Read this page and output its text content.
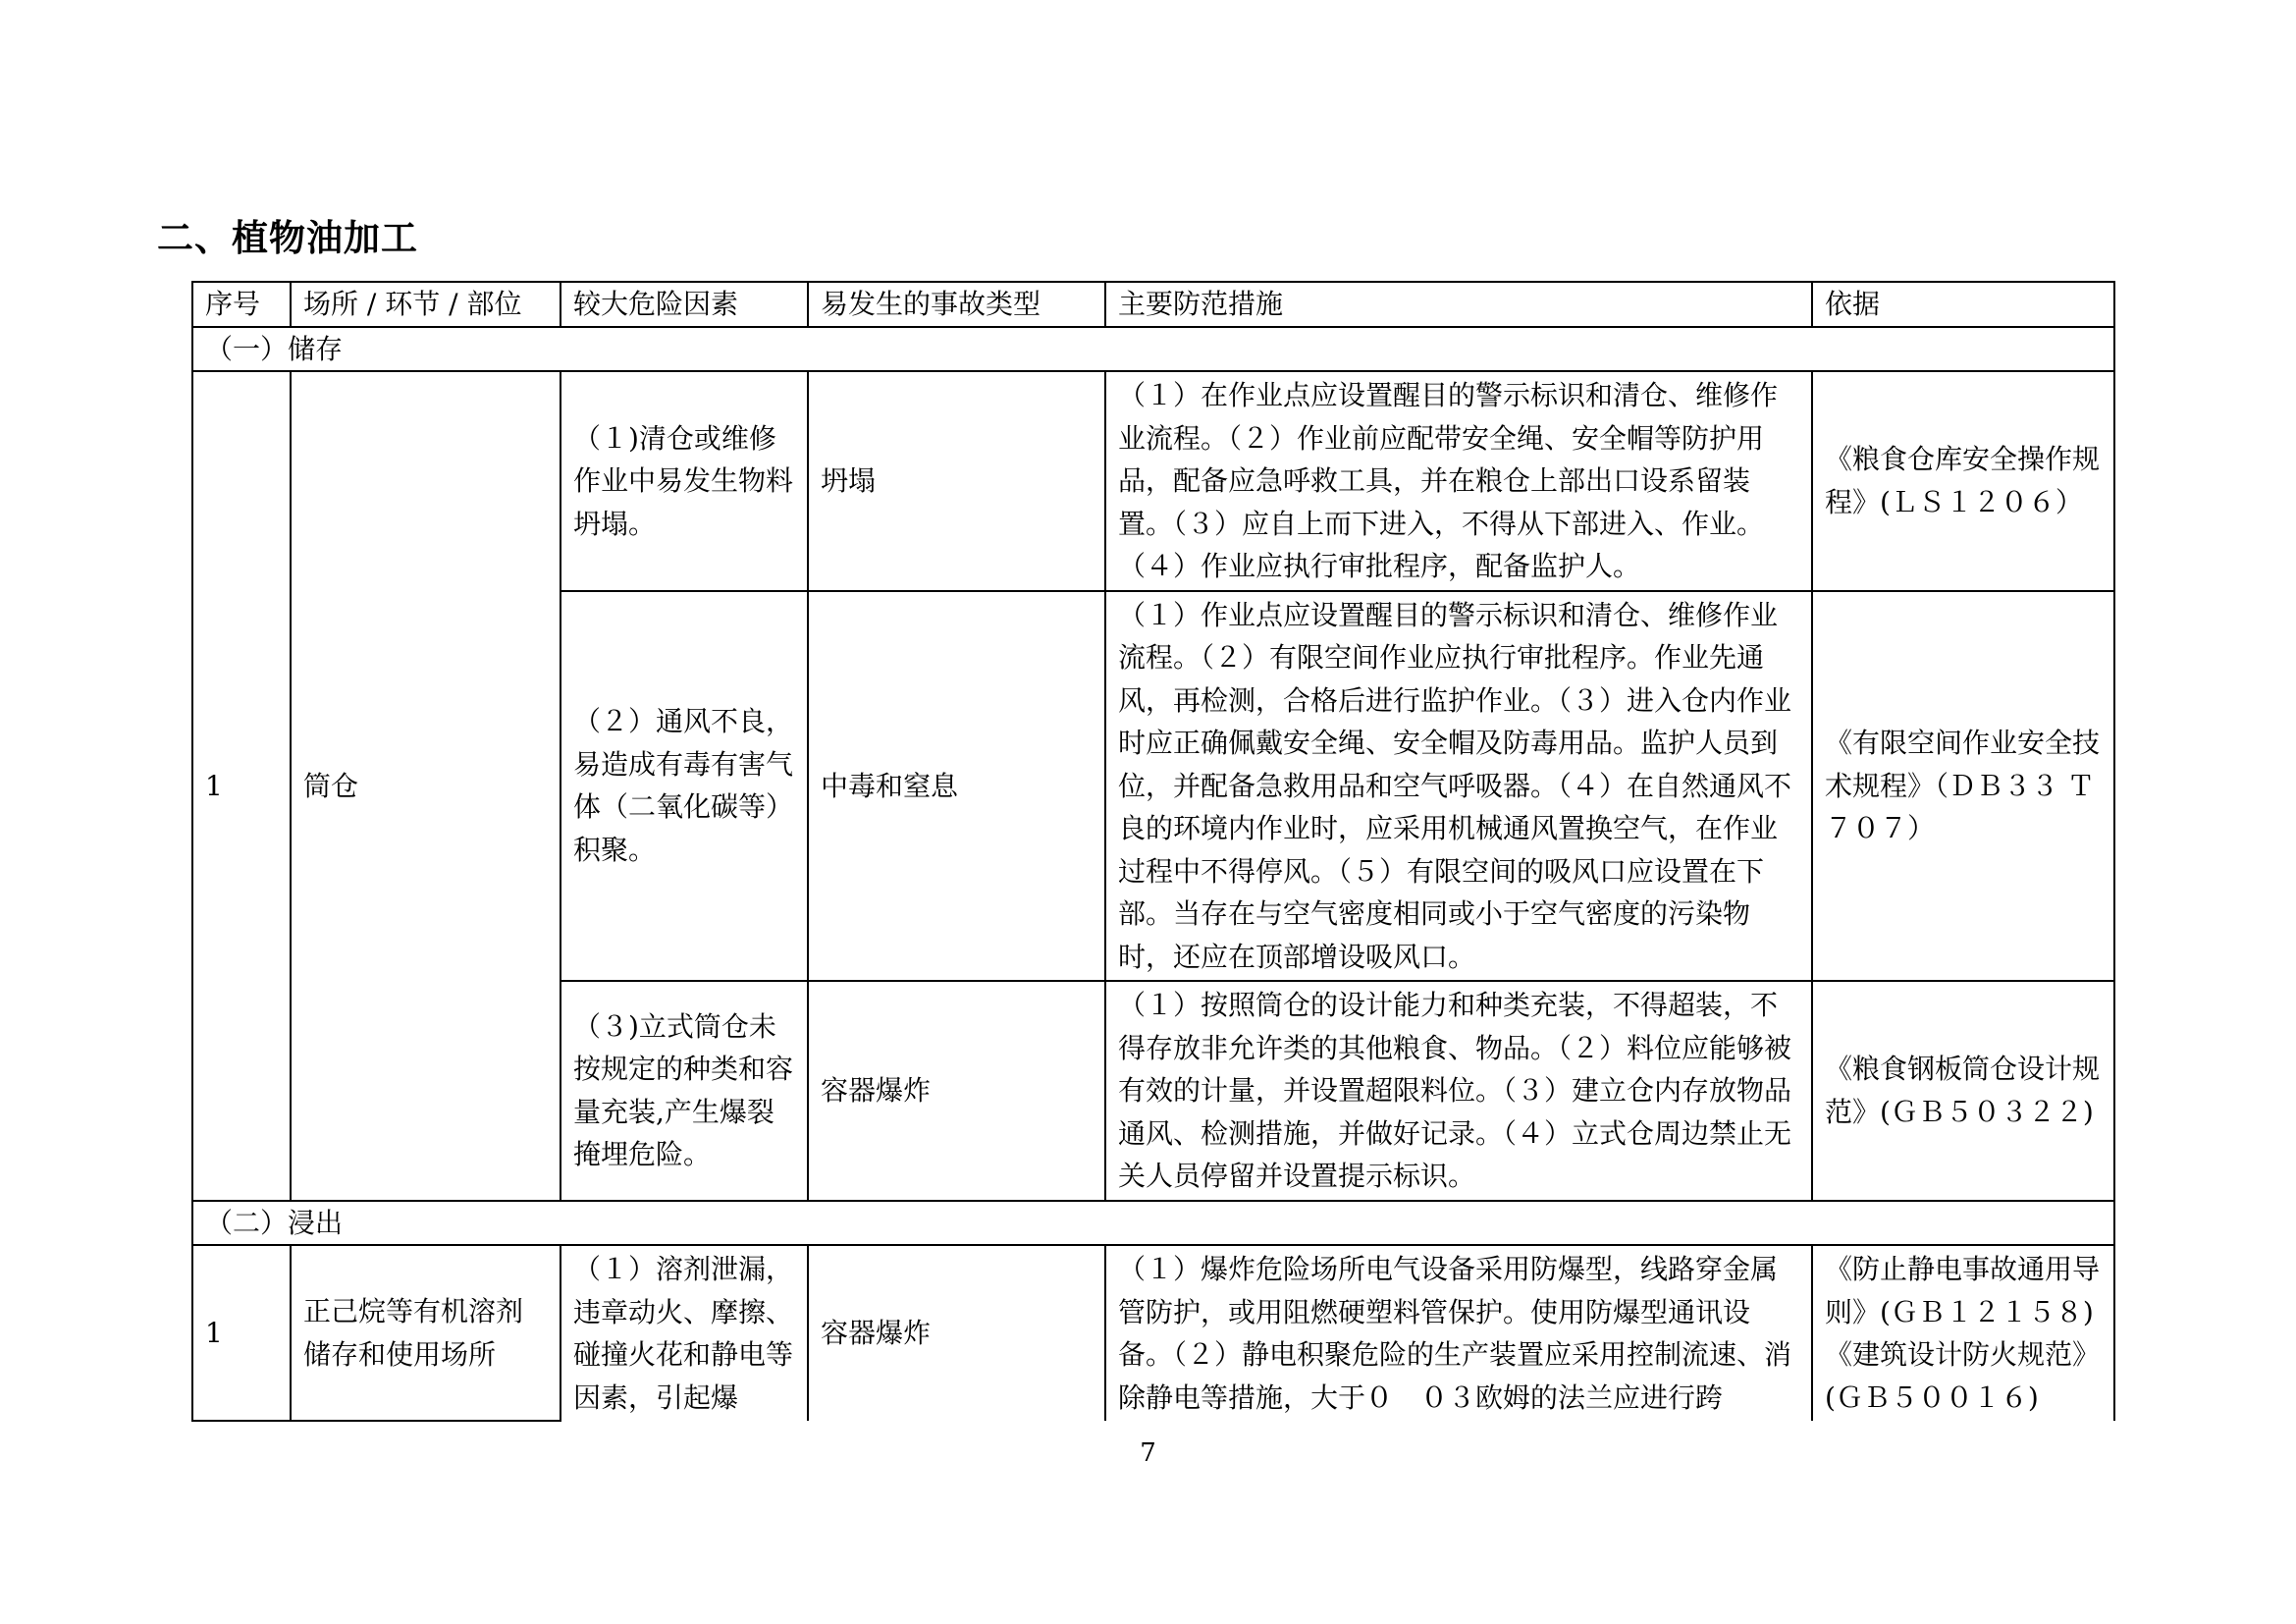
二、植物油加工
序号	场所 / 环节 / 部位	较大危险因素	易发生的事故类型	主要防范措施	依据
（一）储存					
1	筒仓	（１)清仓或维修作业中易发生物料坍塌。	坍塌	（１）在作业点应设置醒目的警示标识和清仓、维修作业流程。（２）作业前应配带安全绳、安全帽等防护用品，配备应急呼救工具，并在粮仓上部出口设系留装置。（３）应自上而下进入，不得从下部进入、作业。（４）作业应执行审批程序，配备监护人。	《粮食仓库安全操作规程》(ＬＳ１２０６）
		（２）通风不良，易造成有毒有害气体（二氧化碳等）积聚。	中毒和窒息	（１）作业点应设置醒目的警示标识和清仓、维修作业流程。（２）有限空间作业应执行审批程序。作业先通风，再检测，合格后进行监护作业。（３）进入仓内作业时应正确佩戴安全绳、安全帽及防毒用品。监护人员到位，并配备急救用品和空气呼吸器。（４）在自然通风不良的环境内作业时，应采用机械通风置换空气，在作业过程中不得停风。（５）有限空间的吸风口应设置在下部。当存在与空气密度相同或小于空气密度的污染物时，还应在顶部增设吸风口。	《有限空间作业安全技术规程》（ＤＢ３３ Ｔ７０７）
		（３)立式筒仓未按规定的种类和容量充装,产生爆裂掩埋危险。	容器爆炸	（１）按照筒仓的设计能力和种类充装，不得超装，不得存放非允许类的其他粮食、物品。（２）料位应能够被有效的计量，并设置超限料位。（３）建立仓内存放物品通风、检测措施，并做好记录。（４）立式仓周边禁止无关人员停留并设置提示标识。	《粮食钢板筒仓设计规范》(ＧＢ５０３２２)
（二）浸出					
1	正己烷等有机溶剂储存和使用场所	（１）溶剂泄漏，违章动火、摩擦、碰撞火花和静电等因素，引起爆	容器爆炸	（１）爆炸危险场所电气设备采用防爆型，线路穿金属管防护，或用阻燃硬塑料管保护。使用防爆型通讯设备。（２）静电积聚危险的生产装置应采用控制流速、消除静电等措施，大于０　０３欧姆的法兰应进行跨	《防止静电事故通用导则》(ＧＢ１２１５８)《建筑设计防火规范》(ＧＢ５００１６)
7
